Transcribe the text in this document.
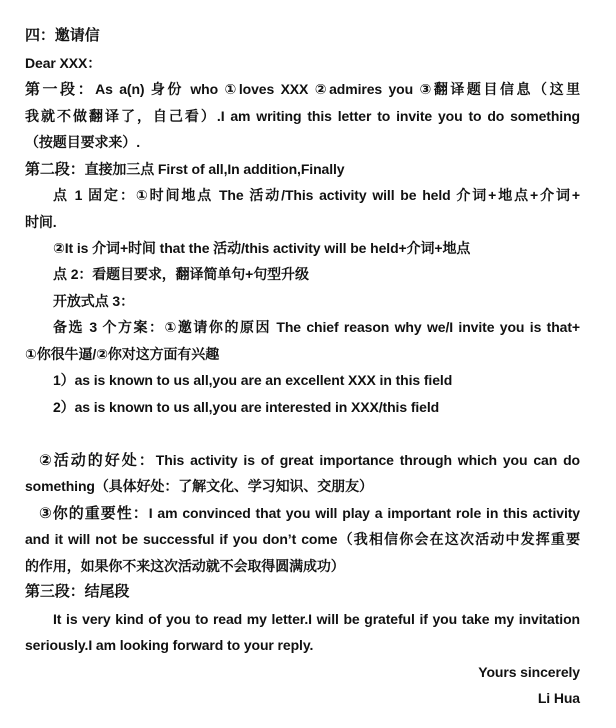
四：邀请信
Dear XXX：
第一段：As a(n) 身份 who ①loves XXX ②admires you ③翻译题目信息（这里
我就不做翻译了，自己看）.I am writing this letter to invite you to do something
（按题目要求来）.
第二段：直接加三点 First of all,In addition,Finally
点 1 固定：①时间地点 The 活动/This activity will be held 介词+地点+介词+
时间.
②It is 介词+时间 that the 活动/this activity will be held+介词+地点
点 2：看题目要求，翻译简单句+句型升级
开放式点 3：
备选 3 个方案：①邀请你的原因 The chief reason why we/I invite you is that+
①你很牛逼/②你对这方面有兴趣
1）as is known to us all,you are an excellent XXX in this field
2）as is known to us all,you are interested in XXX/this field
②活动的好处：This activity is of great importance through which you can do
something（具体好处：了解文化、学习知识、交朋友）
③你的重要性：I am convinced that you will play a important role in this activity
and it will not be successful if you don’t come（我相信你会在这次活动中发挥重要
的作用，如果你不来这次活动就不会取得圆满成功）
第三段：结尾段
It is very kind of you to read my letter.I will be grateful if you take my invitation
seriously.I am looking forward to your reply.
Yours sincerely
Li Hua
